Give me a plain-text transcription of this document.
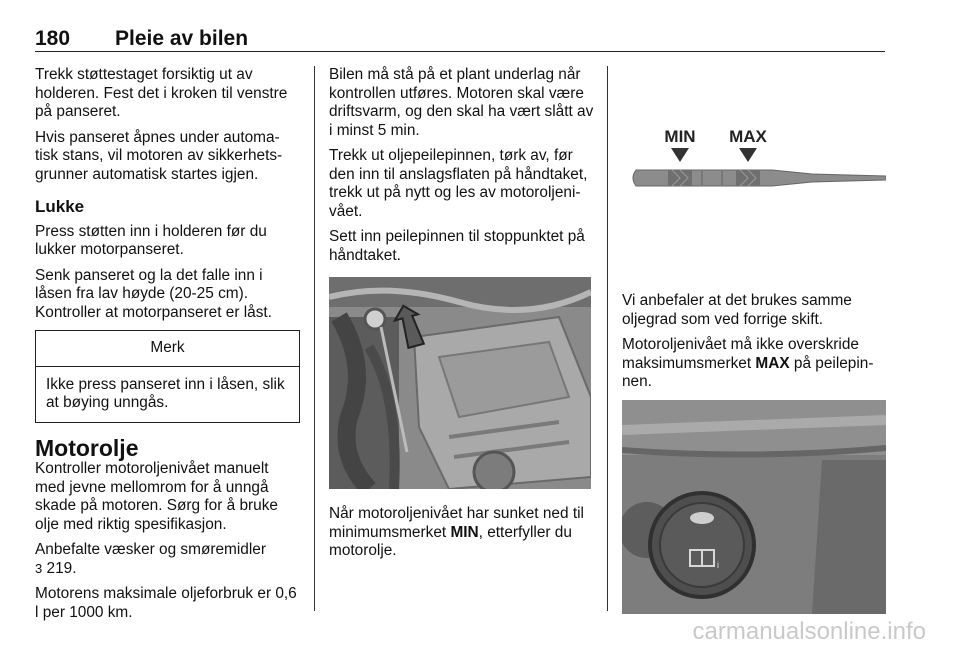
180 Pleie av bilen

Trekk støttestaget forsiktig ut av holderen. Fest det i kroken til venstre på panseret.

Hvis panseret åpnes under automa-tisk stans, vil motoren av sikkerhets-grunner automatisk startes igjen.

Lukke

Press støtten inn i holderen før du lukker motorpanseret.

Senk panseret og la det falle inn i låsen fra lav høyde (20-25 cm). Kontroller at motorpanseret er låst.

Merk
Ikke press panseret inn i låsen, slik at bøying unngås.
Motorolje

Kontroller motoroljenivået manuelt med jevne mellomrom for å unngå skade på motoren. Sørg for å bruke olje med riktig spesifikasjon.

Anbefalte væsker og smøremidler
3 219.

Motorens maksimale oljeforbruk er 0,6 l per 1000 km.

Bilen må stå på et plant underlag når kontrollen utføres. Motoren skal være driftsvarm, og den skal ha vært slått av i minst 5 min.

Trekk ut oljepeilepinnen, tørk av, før den inn til anslagsflaten på håndtaket, trekk ut på nytt og les av motoroljeni-vået.

Sett inn peilepinnen til stoppunktet på håndtaket.

Når motoroljenivået har sunket ned til minimumsmerket MIN, etterfyller du motorolje.

MIN MAX

Vi anbefaler at det brukes samme oljegrad som ved forrige skift.

Motoroljenivået må ikke overskride maksimumsmerket MAX på peilepin-nen.

i
carmanualsonline.info
